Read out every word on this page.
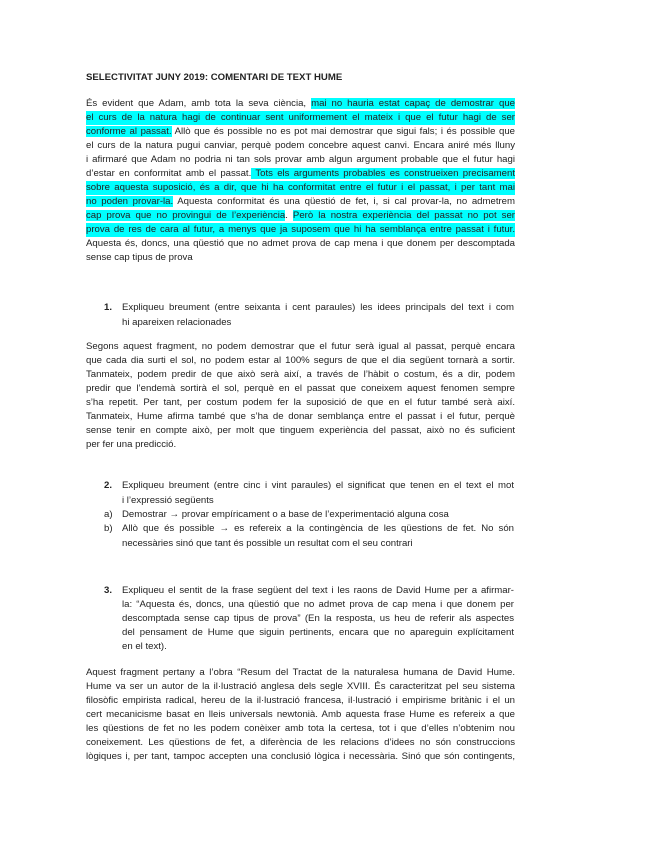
SELECTIVITAT JUNY 2019: COMENTARI DE TEXT HUME
És evident que Adam, amb tota la seva ciència, mai no hauria estat capaç de demostrar que
el curs de la natura hagi de continuar sent uniformement el mateix i que el futur hagi de ser
conforme al passat. Allò que és possible no es pot mai demostrar que sigui fals; i és possible que
el curs de la natura pugui canviar, perquè podem concebre aquest canvi. Encara aniré més lluny
i afirmaré que Adam no podria ni tan sols provar amb algun argument probable que el futur hagi
d’estar en conformitat amb el passat. Tots els arguments probables es construeixen precisament
sobre aquesta suposició, és a dir, que hi ha conformitat entre el futur i el passat, i per tant mai
no poden provar-la. Aquesta conformitat és una qüestió de fet, i, si cal provar-la, no admetrem
cap prova que no provingui de l’experiència. Però la nostra experiència del passat no pot ser
prova de res de cara al futur, a menys que ja suposem que hi ha semblança entre passat i futur.
Aquesta és, doncs, una qüestió que no admet prova de cap mena i que donem per descomptada
sense cap tipus de prova
1. Expliqueu breument (entre seixanta i cent paraules) les idees principals del text i com
hi apareixen relacionades
Segons aquest fragment, no podem demostrar que el futur serà igual al passat, perquè encara
que cada dia surti el sol, no podem estar al 100% segurs de que el dia següent tornarà a sortir.
Tanmateix, podem predir de que això serà així, a través de l’hàbit o costum, és a dir, podem
predir que l’endemà sortirà el sol, perquè en el passat que coneixem aquest fenomen sempre
s’ha repetit. Per tant, per costum podem fer la suposició de que en el futur també serà així.
Tanmateix, Hume afirma també que s’ha de donar semblança entre el passat i el futur, perquè
sense tenir en compte això, per molt que tinguem experiència del passat, això no és suficient
per fer una predicció.
2. Expliqueu breument (entre cinc i vint paraules) el significat que tenen en el text el mot
i l’expressió següents
a) Demostrar → provar empíricament o a base de l’experimentació alguna cosa
b) Allò que és possible → es refereix a la contingència de les qüestions de fet. No són
necessàries sinó que tant és possible un resultat com el seu contrari
3. Expliqueu el sentit de la frase següent del text i les raons de David Hume per a afirmar-
la: “Aquesta és, doncs, una qüestió que no admet prova de cap mena i que donem per
descomptada sense cap tipus de prova” (En la resposta, us heu de referir als aspectes
del pensament de Hume que siguin pertinents, encara que no apareguin explícitament
en el text).
Aquest fragment pertany a l’obra “Resum del Tractat de la naturalesa humana de David Hume.
Hume va ser un autor de la il·lustració anglesa dels segle XVIII. És caracteritzat pel seu sistema
filosòfic empirista radical, hereu de la il·lustració francesa, il·lustració i empirisme britànic i el un
cert mecanicisme basat en lleis universals newtonià. Amb aquesta frase Hume es refereix a que
les qüestions de fet no les podem conèixer amb tota la certesa, tot i que d’elles n’obtenim nou
coneixement. Les qüestions de fet, a diferència de les relacions d’idees no són construccions
lògiques i, per tant, tampoc accepten una conclusió lògica i necessària. Sinó que són contingents,
